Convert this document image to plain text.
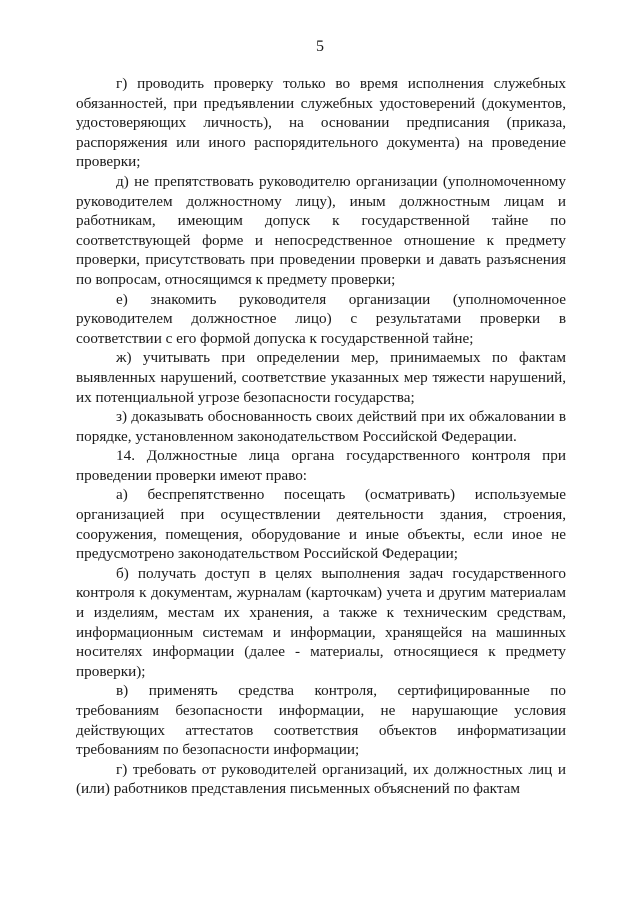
5

г) проводить проверку только во время исполнения служебных обязанностей, при предъявлении служебных удостоверений (документов, удостоверяющих личность), на основании предписания (приказа, распоряжения или иного распорядительного документа) на проведение проверки;

д) не препятствовать руководителю организации (уполномоченному руководителем должностному лицу), иным должностным лицам и работникам, имеющим допуск к государственной тайне по соответствующей форме и непосредственное отношение к предмету проверки, присутствовать при проведении проверки и давать разъяснения по вопросам, относящимся к предмету проверки;

е) знакомить руководителя организации (уполномоченное руководителем должностное лицо) с результатами проверки в соответствии с его формой допуска к государственной тайне;

ж) учитывать при определении мер, принимаемых по фактам выявленных нарушений, соответствие указанных мер тяжести нарушений, их потенциальной угрозе безопасности государства;

з) доказывать обоснованность своих действий при их обжаловании в порядке, установленном законодательством Российской Федерации.

14. Должностные лица органа государственного контроля при проведении проверки имеют право:

а) беспрепятственно посещать (осматривать) используемые организацией при осуществлении деятельности здания, строения, сооружения, помещения, оборудование и иные объекты, если иное не предусмотрено законодательством Российской Федерации;

б) получать доступ в целях выполнения задач государственного контроля к документам, журналам (карточкам) учета и другим материалам и изделиям, местам их хранения, а также к техническим средствам, информационным системам и информации, хранящейся на машинных носителях информации (далее - материалы, относящиеся к предмету проверки);

в) применять средства контроля, сертифицированные по требованиям безопасности информации, не нарушающие условия действующих аттестатов соответствия объектов информатизации требованиям по безопасности информации;

г) требовать от руководителей организаций, их должностных лиц и (или) работников представления письменных объяснений по фактам
